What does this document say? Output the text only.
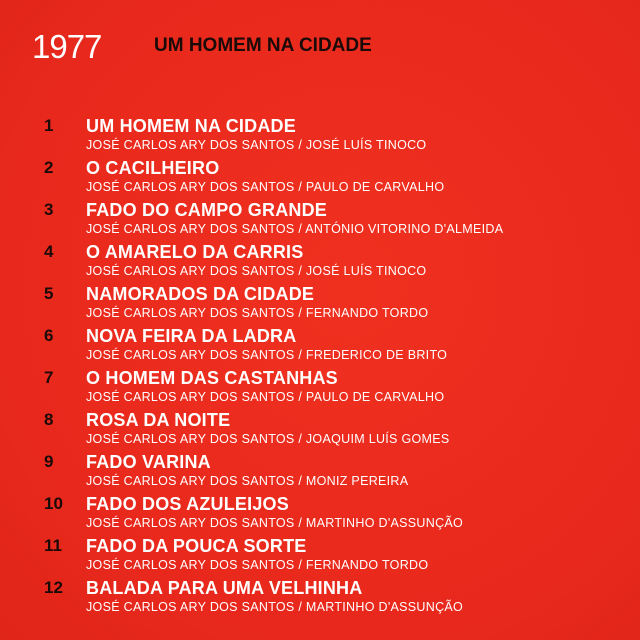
1977	UM HOMEM NA CIDADE
1	UM HOMEM NA CIDADE
JOSÉ CARLOS ARY DOS SANTOS / JOSÉ LUÍS TINOCO
2	O CACILHEIRO
JOSÉ CARLOS ARY DOS SANTOS / PAULO DE CARVALHO
3	FADO DO CAMPO GRANDE
JOSÉ CARLOS ARY DOS SANTOS / ANTÓNIO VITORINO D'ALMEIDA
4	O AMARELO DA CARRIS
JOSÉ CARLOS ARY DOS SANTOS / JOSÉ LUÍS TINOCO
5	NAMORADOS DA CIDADE
JOSÉ CARLOS ARY DOS SANTOS / FERNANDO TORDO
6	NOVA FEIRA DA LADRA
JOSÉ CARLOS ARY DOS SANTOS / FREDERICO DE BRITO
7	O HOMEM DAS CASTANHAS
JOSÉ CARLOS ARY DOS SANTOS / PAULO DE CARVALHO
8	ROSA DA NOITE
JOSÉ CARLOS ARY DOS SANTOS / JOAQUIM LUÍS GOMES
9	FADO VARINA
JOSÉ CARLOS ARY DOS SANTOS / MONIZ PEREIRA
10	FADO DOS AZULEIJOS
JOSÉ CARLOS ARY DOS SANTOS / MARTINHO D'ASSUNÇÃO
11	FADO DA POUCA SORTE
JOSÉ CARLOS ARY DOS SANTOS / FERNANDO TORDO
12	BALADA PARA UMA VELHINHA
JOSÉ CARLOS ARY DOS SANTOS / MARTINHO D'ASSUNÇÃO
